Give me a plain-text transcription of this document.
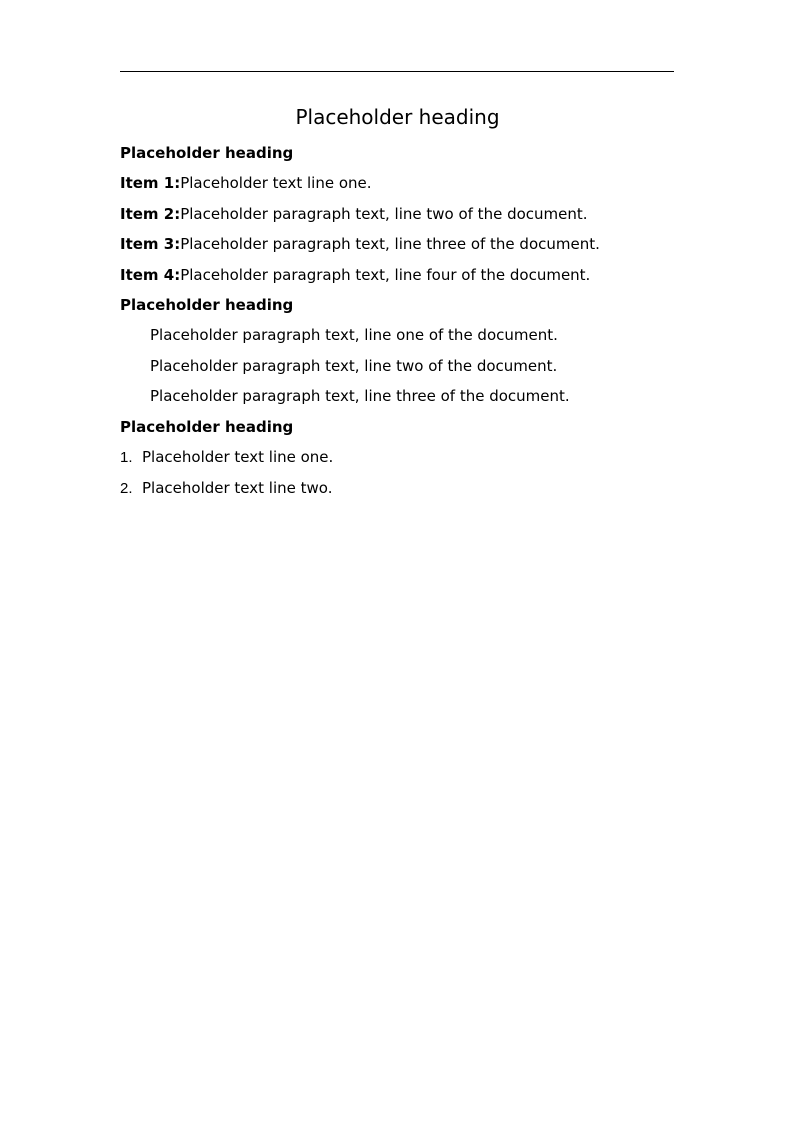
Placeholder heading

Placeholder heading

Item 1:Placeholder text line one.

Item 2:Placeholder paragraph text, line two of the document.

Item 3:Placeholder paragraph text, line three of the document.

Item 4:Placeholder paragraph text, line four of the document.

Placeholder heading

Placeholder paragraph text, line one of the document.

Placeholder paragraph text, line two of the document.

Placeholder paragraph text, line three of the document.

Placeholder heading

1. Placeholder text line one.

2. Placeholder text line two.
